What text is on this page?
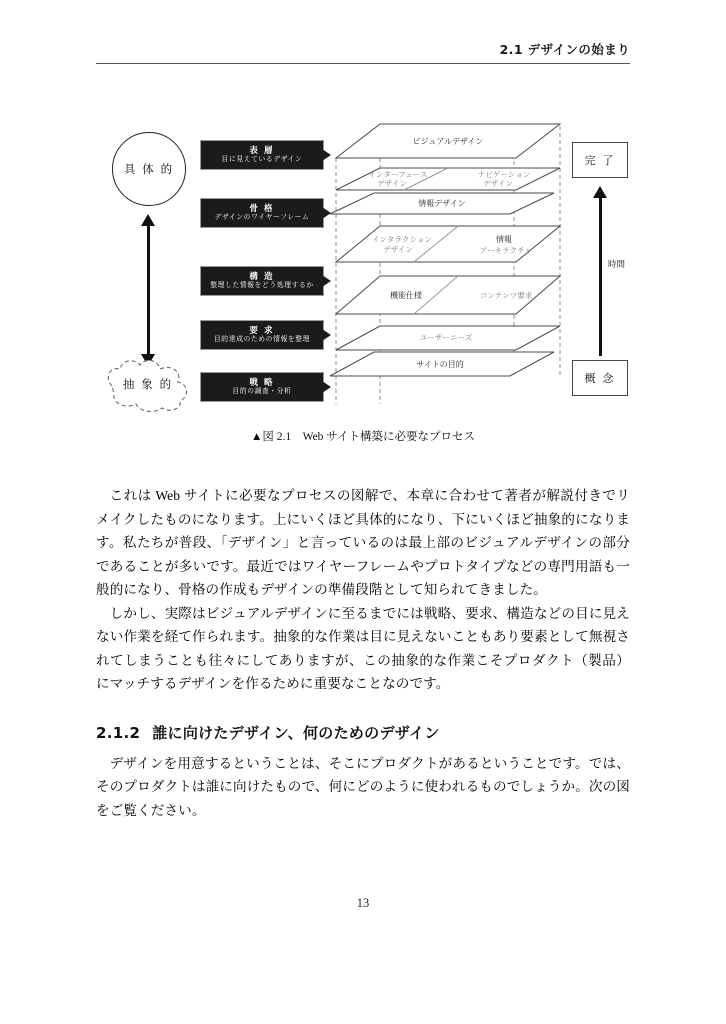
2.1 デザインの始まり
具 体 的
抽 象 的
表 層
目に見えているデザイン
骨 格
デザインのワイヤーフレーム
構 造
整理した情報をどう処理するか
要 求
目的達成のための情報を整理
戦 略
目的の調査・分析
ビジュアルデザイン
インターフェース
デザイン
ナビゲーション
デザイン
情報デザイン
インタラクション
デザイン
情報
アーキテクチャ
機能仕様	コンテンツ要求
ユーザーニーズ
サイトの目的
完 了
時間
概 念
▲図 2.1　Web サイト構築に必要なプロセス

これは Web サイトに必要なプロセスの図解で、本章に合わせて著者が解説付きでリメイクしたものになります。上にいくほど具体的になり、下にいくほど抽象的になります。私たちが普段、「デザイン」と言っているのは最上部のビジュアルデザインの部分であることが多いです。最近ではワイヤーフレームやプロトタイプなどの専門用語も一般的になり、骨格の作成もデザインの準備段階として知られてきました。

しかし、実際はビジュアルデザインに至るまでには戦略、要求、構造などの目に見えない作業を経て作られます。抽象的な作業は目に見えないこともあり要素として無視されてしまうことも往々にしてありますが、この抽象的な作業こそプロダクト（製品）にマッチするデザインを作るために重要なことなのです。

2.1.2 誰に向けたデザイン、何のためのデザイン

デザインを用意するということは、そこにプロダクトがあるということです。では、そのプロダクトは誰に向けたもので、何にどのように使われるものでしょうか。次の図をご覧ください。

13
